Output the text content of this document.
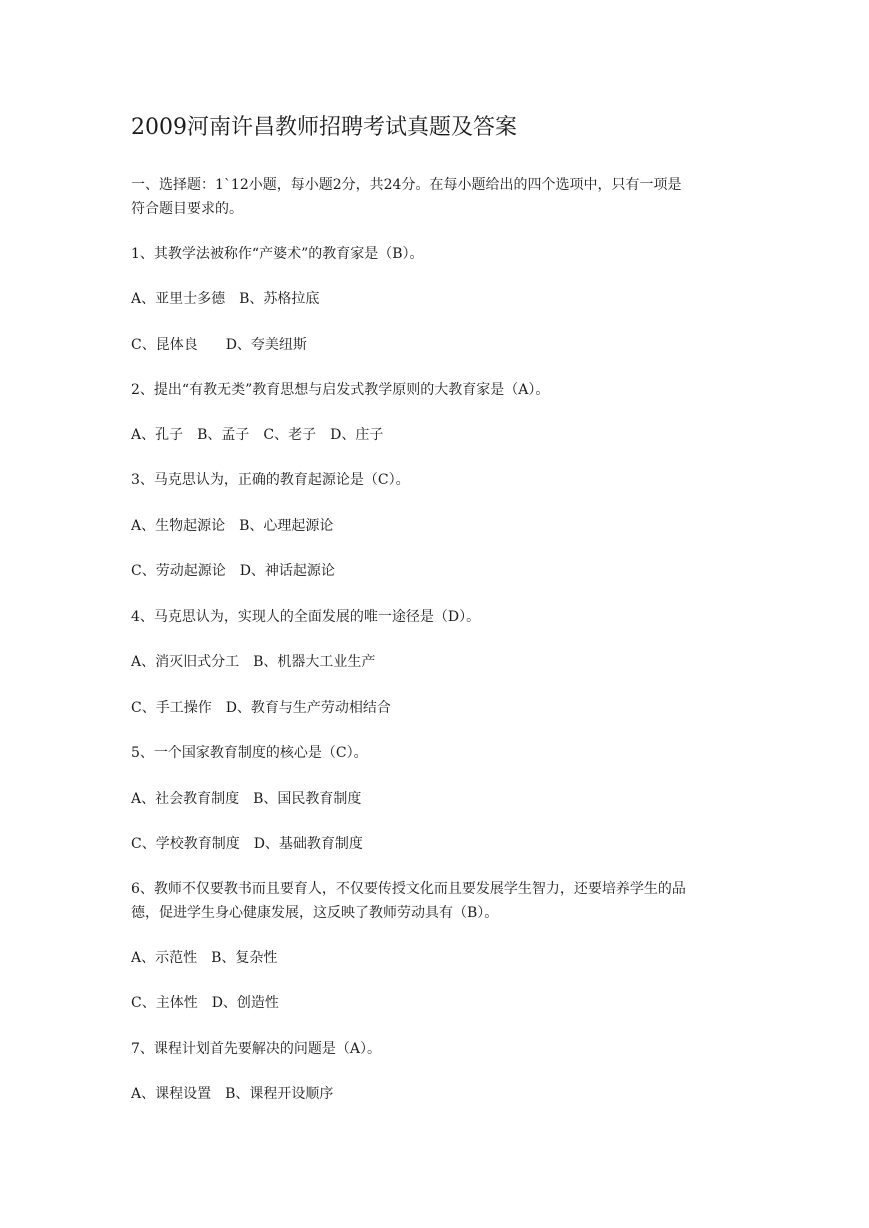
2009河南许昌教师招聘考试真题及答案
一、选择题：1`12小题，每小题2分，共24分。在每小题给出的四个选项中，只有一项是
符合题目要求的。
1、其教学法被称作“产婆术”的教育家是（B）。
A、亚里士多德　B、苏格拉底
C、昆体良　　D、夸美纽斯
2、提出“有教无类”教育思想与启发式教学原则的大教育家是（A）。
A、孔子　B、孟子　C、老子　D、庄子
3、马克思认为，正确的教育起源论是（C）。
A、生物起源论　B、心理起源论
C、劳动起源论　D、神话起源论
4、马克思认为，实现人的全面发展的唯一途径是（D）。
A、消灭旧式分工　B、机器大工业生产
C、手工操作　D、教育与生产劳动相结合
5、一个国家教育制度的核心是（C）。
A、社会教育制度　B、国民教育制度
C、学校教育制度　D、基础教育制度
6、教师不仅要教书而且要育人，不仅要传授文化而且要发展学生智力，还要培养学生的品
德，促进学生身心健康发展，这反映了教师劳动具有（B）。
A、示范性　B、复杂性
C、主体性　D、创造性
7、课程计划首先要解决的问题是（A）。
A、课程设置　B、课程开设顺序
